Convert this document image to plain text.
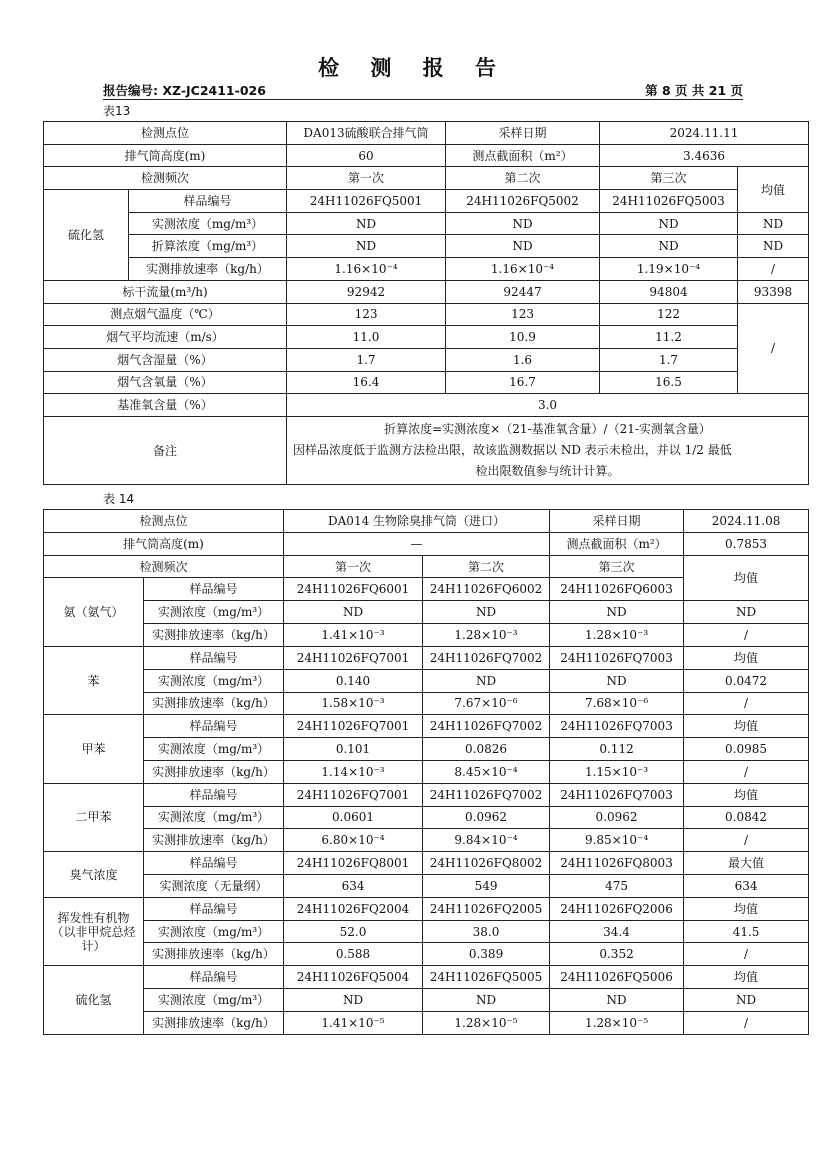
检 测 报 告
报告编号: XZ-JC2411-026	第 8 页 共 21 页
表13
检测点位		DA013硫酸联合排气筒	采样日期	2024.11.11	
排气筒高度(m)		60	测点截面积（m²）	3.4636	
检测频次		第一次	第二次	第三次	均值
硫化氢	样品编号	24H11026FQ5001	24H11026FQ5002	24H11026FQ5003	
	实测浓度（mg/m³）	ND	ND	ND	ND
	折算浓度（mg/m³）	ND	ND	ND	ND
	实测排放速率（kg/h）	1.16×10⁻⁴	1.16×10⁻⁴	1.19×10⁻⁴	/
标干流量(m³/h)		92942	92447	94804	93398
测点烟气温度（℃）		123	123	122	/
烟气平均流速（m/s）		11.0	10.9	11.2	
烟气含湿量（%）		1.7	1.6	1.7	
烟气含氧量（%）		16.4	16.7	16.5	
基准氧含量（%）		3.0			
备注		折算浓度=实测浓度×（21-基准氧含量）/（21-实测氧含量）
因样品浓度低于监测方法检出限，故该监测数据以 ND 表示未检出，并以 1/2 最低
检出限数值参与统计计算。			
表 14
检测点位		DA014 生物除臭排气筒（进口）		采样日期	2024.11.08
排气筒高度(m)		—		测点截面积（m²）	0.7853
检测频次		第一次	第二次	第三次	均值
氨（氨气）	样品编号	24H11026FQ6001	24H11026FQ6002	24H11026FQ6003	
	实测浓度（mg/m³）	ND	ND	ND	ND
	实测排放速率（kg/h）	1.41×10⁻³	1.28×10⁻³	1.28×10⁻³	/
苯	样品编号	24H11026FQ7001	24H11026FQ7002	24H11026FQ7003	均值
	实测浓度（mg/m³）	0.140	ND	ND	0.0472
	实测排放速率（kg/h）	1.58×10⁻³	7.67×10⁻⁶	7.68×10⁻⁶	/
甲苯	样品编号	24H11026FQ7001	24H11026FQ7002	24H11026FQ7003	均值
	实测浓度（mg/m³）	0.101	0.0826	0.112	0.0985
	实测排放速率（kg/h）	1.14×10⁻³	8.45×10⁻⁴	1.15×10⁻³	/
二甲苯	样品编号	24H11026FQ7001	24H11026FQ7002	24H11026FQ7003	均值
	实测浓度（mg/m³）	0.0601	0.0962	0.0962	0.0842
	实测排放速率（kg/h）	6.80×10⁻⁴	9.84×10⁻⁴	9.85×10⁻⁴	/
臭气浓度	样品编号	24H11026FQ8001	24H11026FQ8002	24H11026FQ8003	最大值
	实测浓度（无量纲）	634	549	475	634
挥发性有机物（以非甲烷总烃计）	样品编号	24H11026FQ2004	24H11026FQ2005	24H11026FQ2006	均值
	实测浓度（mg/m³）	52.0	38.0	34.4	41.5
	实测排放速率（kg/h）	0.588	0.389	0.352	/
硫化氢	样品编号	24H11026FQ5004	24H11026FQ5005	24H11026FQ5006	均值
	实测浓度（mg/m³）	ND	ND	ND	ND
	实测排放速率（kg/h）	1.41×10⁻⁵	1.28×10⁻⁵	1.28×10⁻⁵	/
